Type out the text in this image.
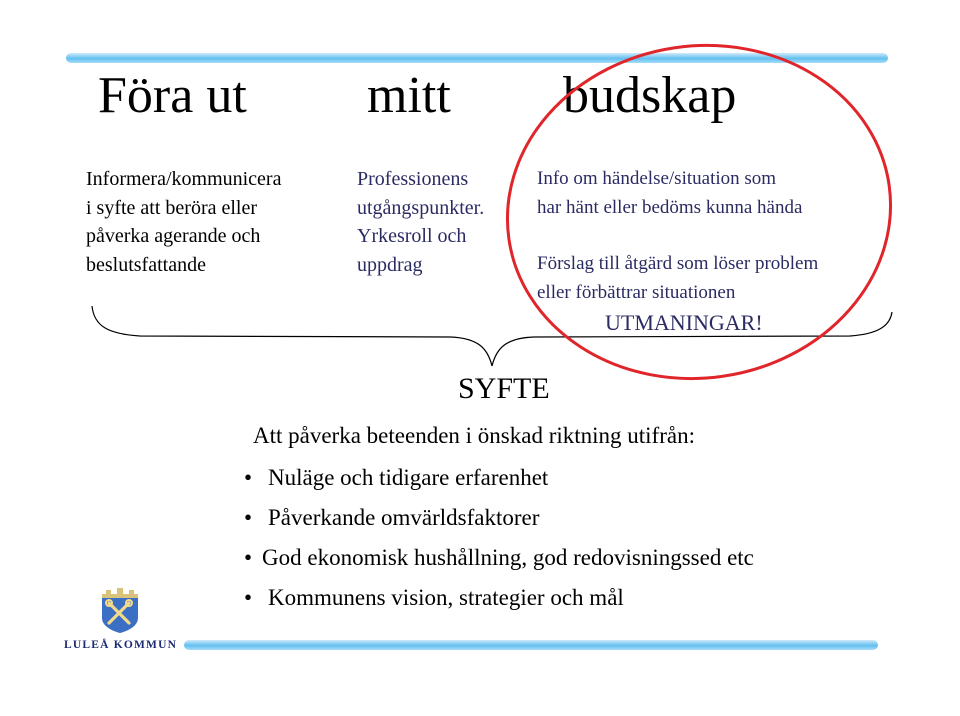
Föra ut mitt budskap
Informera/kommunicera
i syfte att beröra eller
påverka agerande och
beslutsfattande
Professionens
utgångspunkter.
Yrkesroll och
uppdrag
Info om händelse/situation som
har hänt eller bedöms kunna hända
Förslag till åtgärd som löser problem
eller förbättrar situationen
UTMANINGAR!
SYFTE
Att påverka beteenden i önskad riktning utifrån:
• Nuläge och tidigare erfarenhet
• Påverkande omvärldsfaktorer
• God ekonomisk hushållning, god redovisningssed etc
• Kommunens vision, strategier och mål
LULEÅ KOMMUN
